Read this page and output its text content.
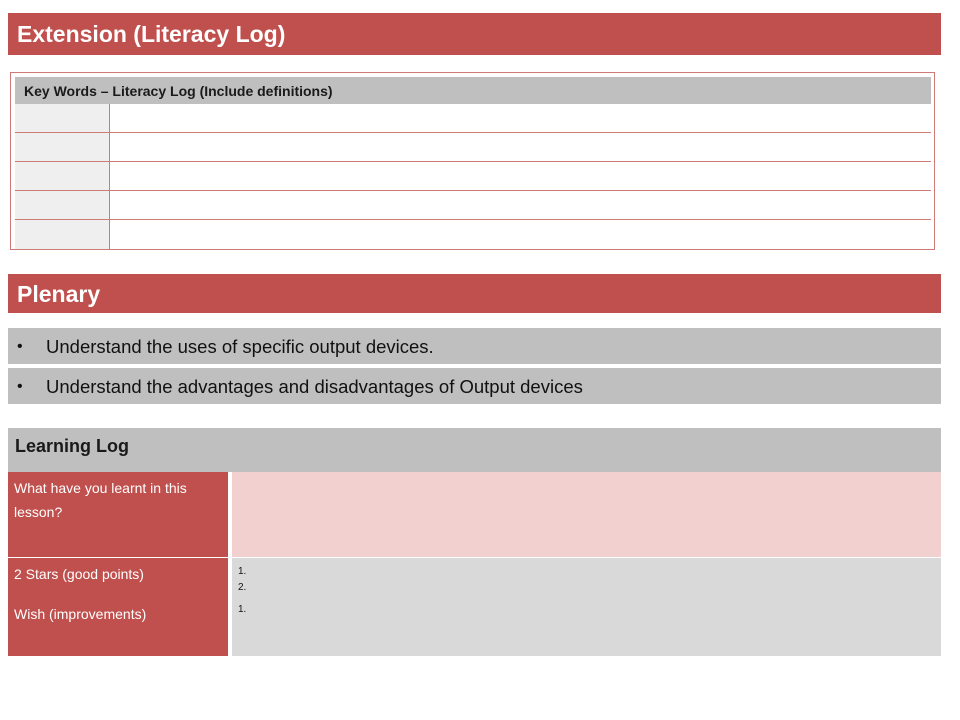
Extension (Literacy Log)
Key Words – Literacy Log (Include definitions)
Plenary
• Understand the uses of specific output devices.
• Understand the advantages and disadvantages of Output devices
Learning Log
What have you learnt in this lesson?
2 Stars (good points)	1.
2.
Wish (improvements)	1.
